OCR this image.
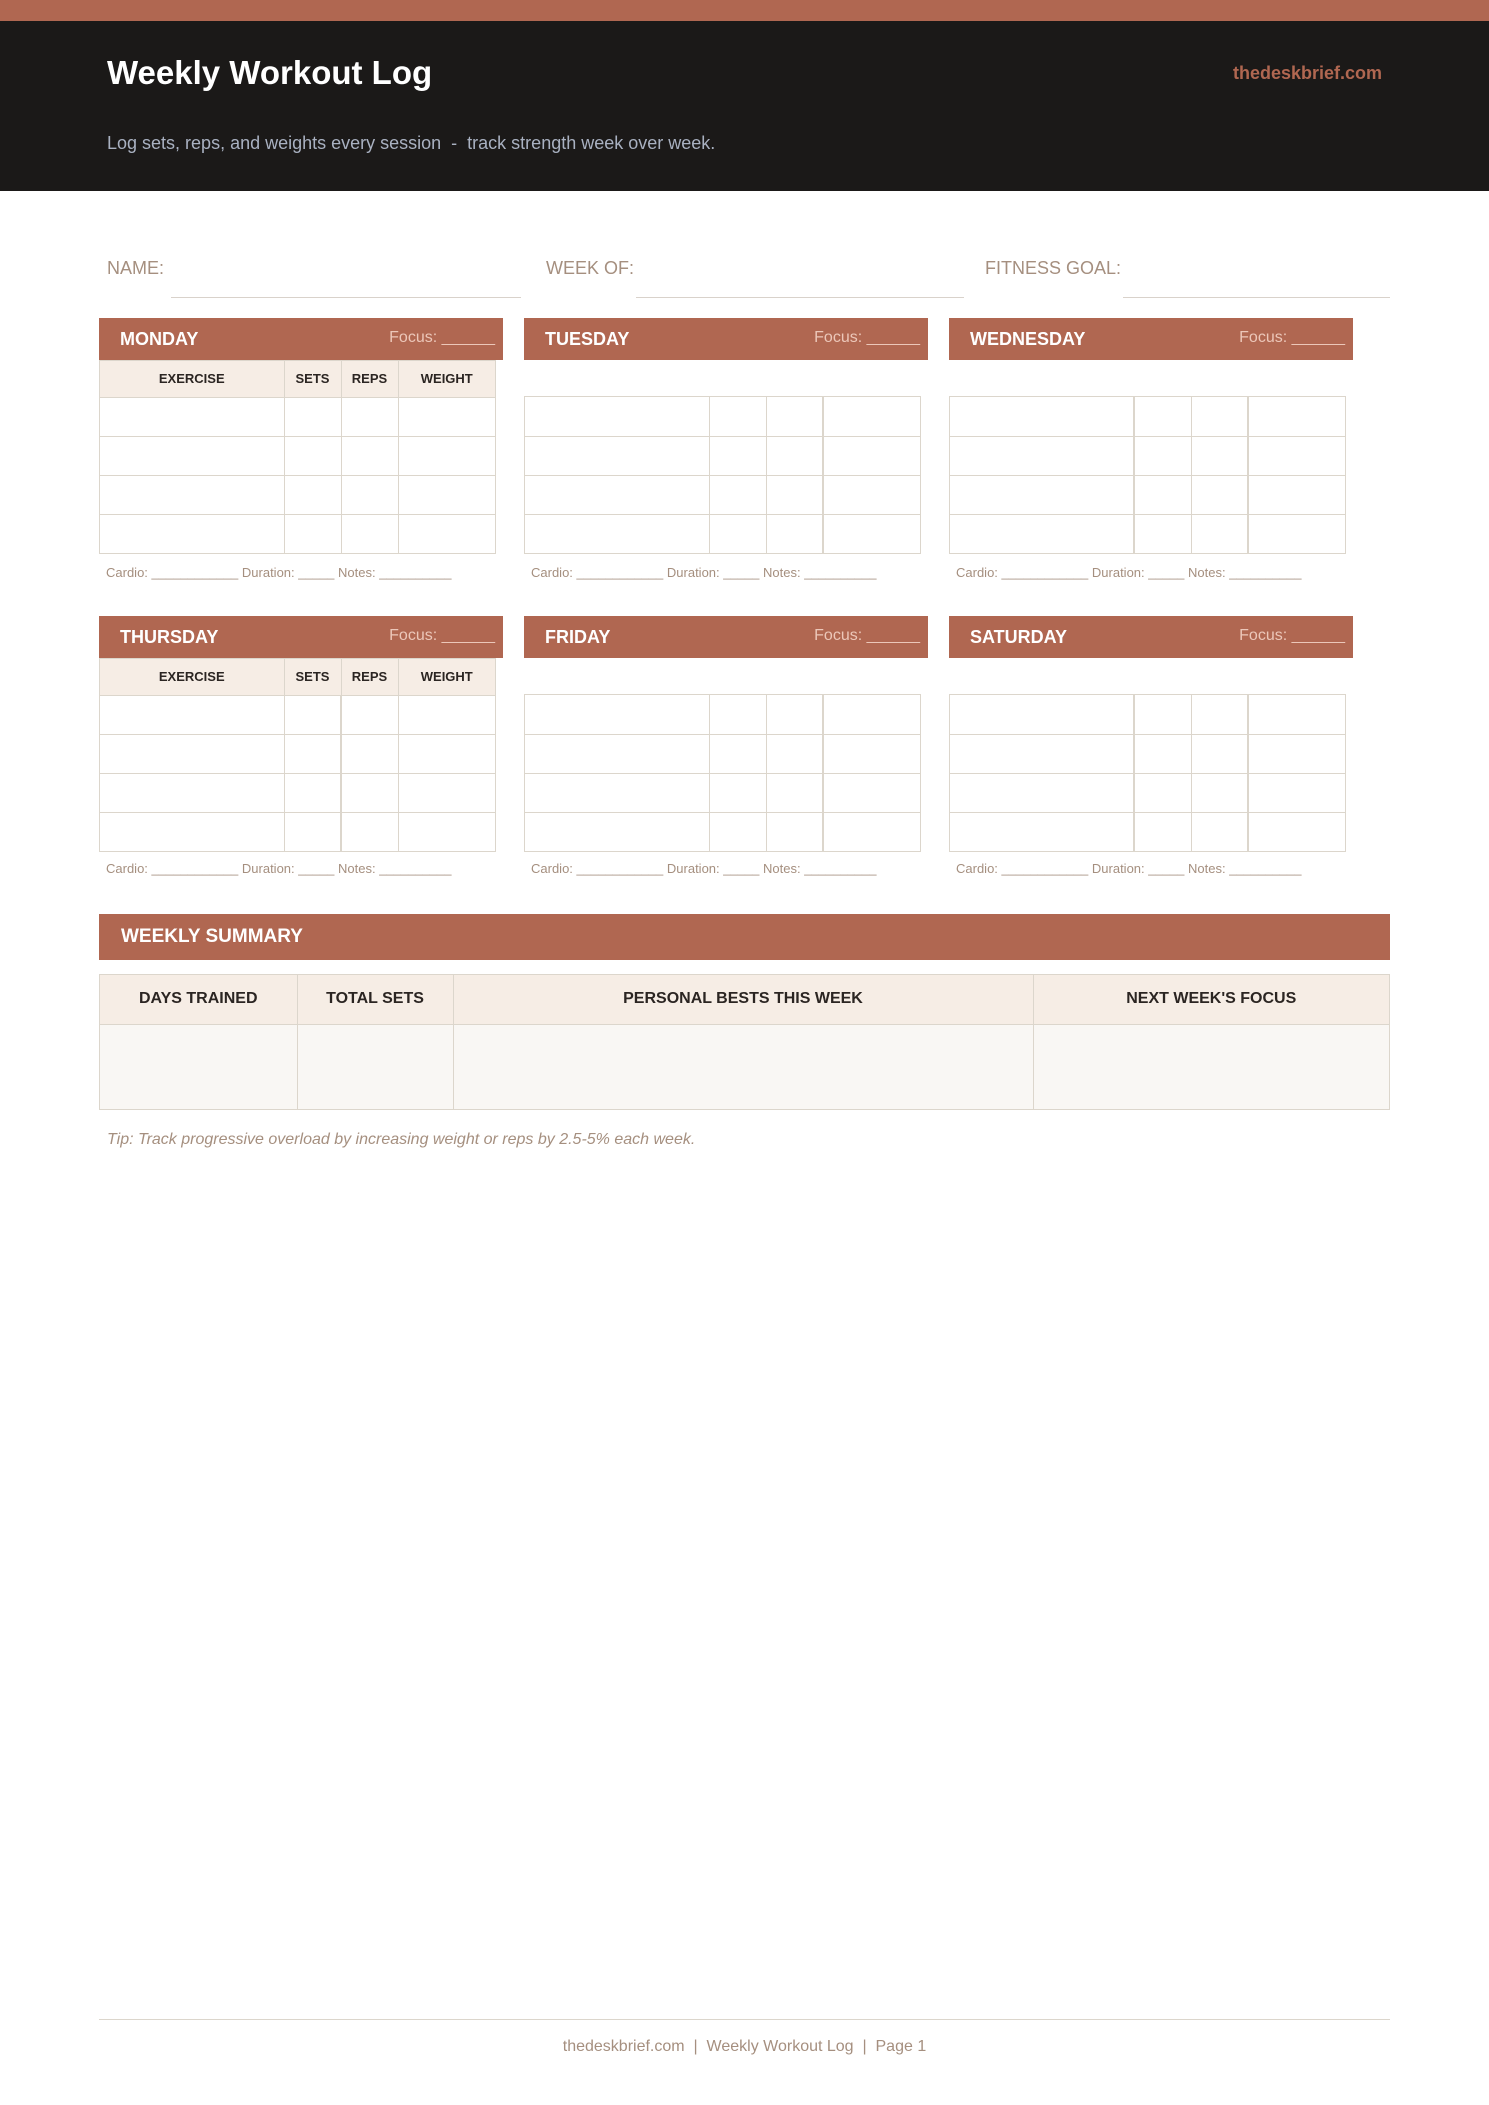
Weekly Workout Log	thedeskbrief.com
Log sets, reps, and weights every session  -  track strength week over week.
NAME:	WEEK OF:	FITNESS GOAL:
MONDAY	Focus: ______
EXERCISE	SETS	REPS	WEIGHT

Cardio: ____________ Duration: _____ Notes: __________
TUESDAY	Focus: ______

Cardio: ____________ Duration: _____ Notes: __________
WEDNESDAY	Focus: ______

Cardio: ____________ Duration: _____ Notes: __________
THURSDAY	Focus: ______
EXERCISE	SETS	REPS	WEIGHT

Cardio: ____________ Duration: _____ Notes: __________
FRIDAY	Focus: ______

Cardio: ____________ Duration: _____ Notes: __________
SATURDAY	Focus: ______

Cardio: ____________ Duration: _____ Notes: __________
WEEKLY SUMMARY
DAYS TRAINED	TOTAL SETS	PERSONAL BESTS THIS WEEK	NEXT WEEK'S FOCUS

Tip: Track progressive overload by increasing weight or reps by 2.5-5% each week.
thedeskbrief.com  |  Weekly Workout Log  |  Page 1
